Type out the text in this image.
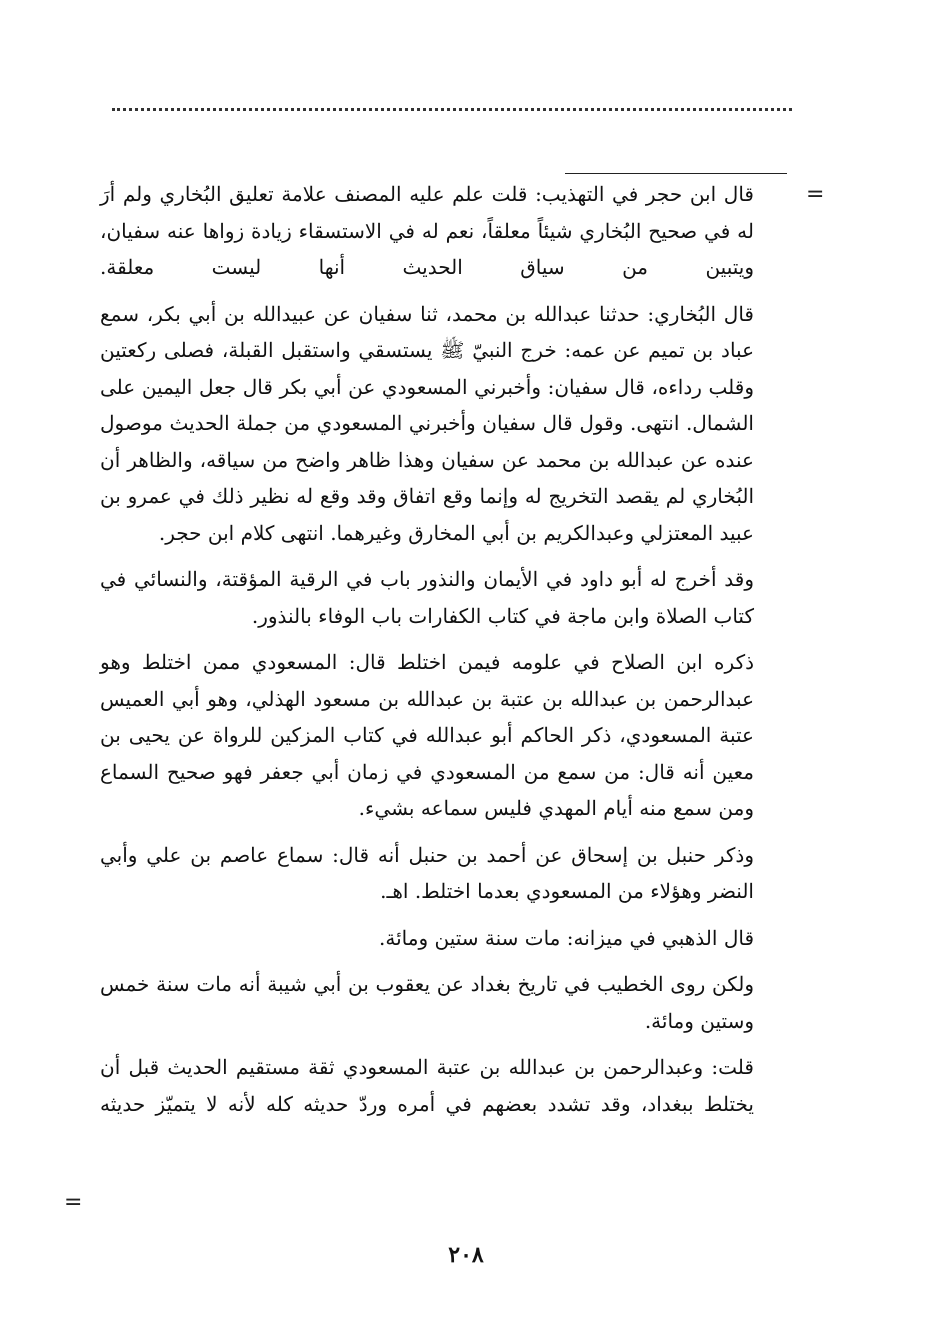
=

قال ابن حجر في التهذيب: قلت علم عليه المصنف علامة تعليق البُخاري ولم أرَ له في صحيح البُخاري شيئاً معلقاً، نعم له في الاستسقاء زيادة زواها عنه سفيان، ويتبين من سياق الحديث أنها ليست معلقة.

قال البُخاري: حدثنا عبدالله بن محمد، ثنا سفيان عن عبيدالله بن أبي بكر، سمع عباد بن تميم عن عمه: خرج النبيّ ﷺ يستسقي واستقبل القبلة، فصلى ركعتين وقلب رداءه، قال سفيان: وأخبرني المسعودي عن أبي بكر قال جعل اليمين على الشمال. انتهى. وقول قال سفيان وأخبرني المسعودي من جملة الحديث موصول عنده عن عبدالله بن محمد عن سفيان وهذا ظاهر واضح من سياقه، والظاهر أن البُخاري لم يقصد التخريج له وإنما وقع اتفاق وقد وقع له نظير ذلك في عمرو بن عبيد المعتزلي وعبدالكريم بن أبي المخارق وغيرهما. انتهى كلام ابن حجر.

وقد أخرج له أبو داود في الأيمان والنذور باب في الرقية المؤقتة، والنسائي في كتاب الصلاة وابن ماجة في كتاب الكفارات باب الوفاء بالنذور.

ذكره ابن الصلاح في علومه فيمن اختلط قال: المسعودي ممن اختلط وهو عبدالرحمن بن عبدالله بن عتبة بن عبدالله بن مسعود الهذلي، وهو أبي العميس عتبة المسعودي، ذكر الحاكم أبو عبدالله في كتاب المزكين للرواة عن يحيى بن معين أنه قال: من سمع من المسعودي في زمان أبي جعفر فهو صحيح السماع ومن سمع منه أيام المهدي فليس سماعه بشيء.

وذكر حنبل بن إسحاق عن أحمد بن حنبل أنه قال: سماع عاصم بن علي وأبي النضر وهؤلاء من المسعودي بعدما اختلط. اهـ.

قال الذهبي في ميزانه: مات سنة ستين ومائة.

ولكن روى الخطيب في تاريخ بغداد عن يعقوب بن أبي شيبة أنه مات سنة خمس وستين ومائة.

قلت: وعبدالرحمن بن عبدالله بن عتبة المسعودي ثقة مستقيم الحديث قبل أن يختلط ببغداد، وقد تشدد بعضهم في أمره وردّ حديثه كله لأنه لا يتميّز حديثه

=
٢٠٨
